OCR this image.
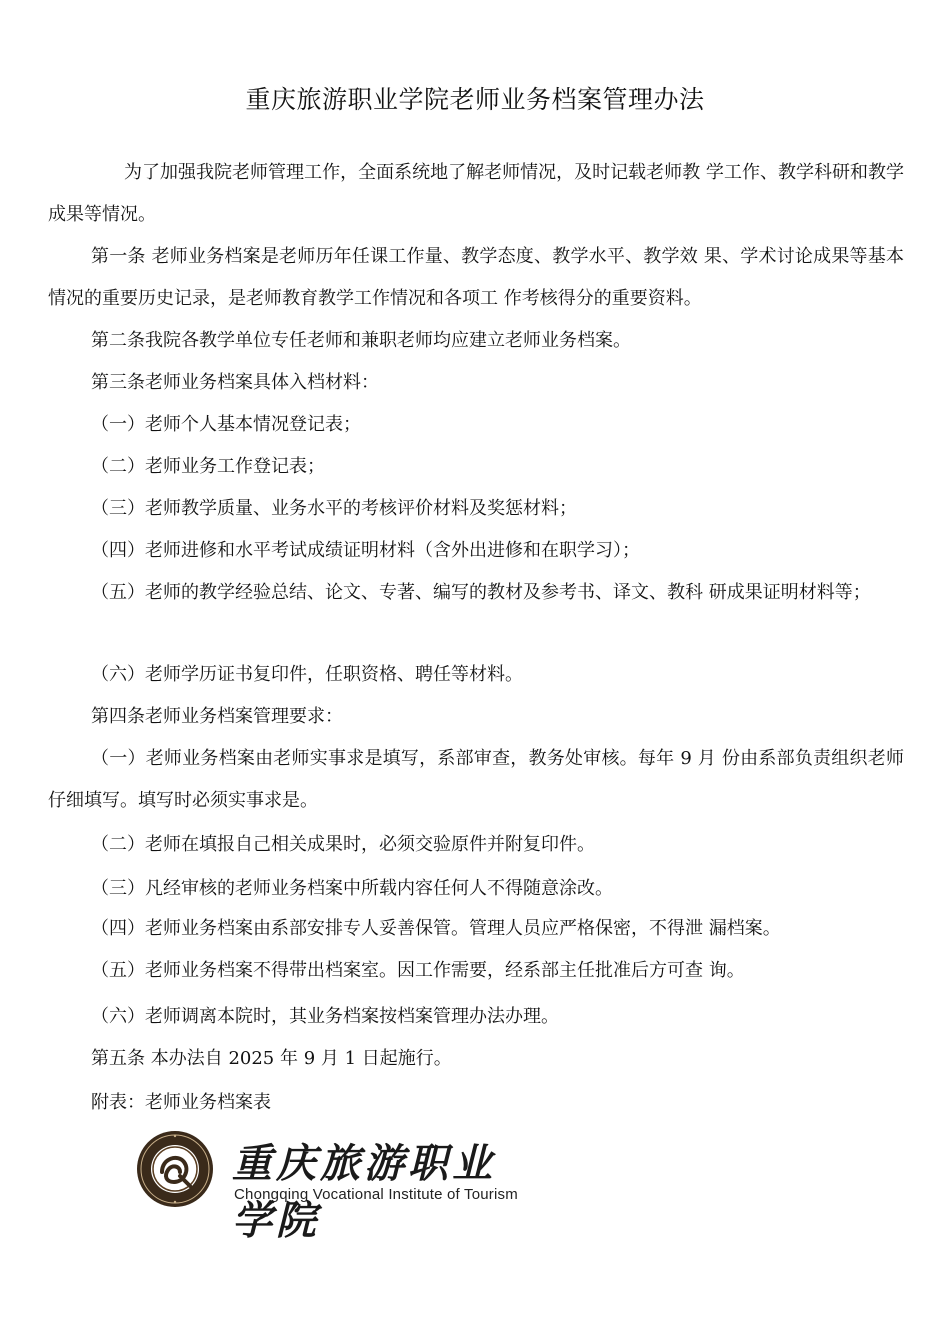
重庆旅游职业学院老师业务档案管理办法

为了加强我院老师管理工作，全面系统地了解老师情况，及时记载老师教 学工作、教学科研和教学成果等情况。

第一条 老师业务档案是老师历年任课工作量、教学态度、教学水平、教学效 果、学术讨论成果等基本情况的重要历史记录，是老师教育教学工作情况和各项工 作考核得分的重要资料。

第二条我院各教学单位专任老师和兼职老师均应建立老师业务档案。

第三条老师业务档案具体入档材料：

（一）老师个人基本情况登记表；

（二）老师业务工作登记表；

（三）老师教学质量、业务水平的考核评价材料及奖惩材料；

（四）老师进修和水平考试成绩证明材料（含外出进修和在职学习）；

（五）老师的教学经验总结、论文、专著、编写的教材及参考书、译文、教科 研成果证明材料等；

（六）老师学历证书复印件，任职资格、聘任等材料。

第四条老师业务档案管理要求：

（一）老师业务档案由老师实事求是填写，系部审查，教务处审核。每年 9 月 份由系部负责组织老师仔细填写。填写时必须实事求是。

（二）老师在填报自己相关成果时，必须交验原件并附复印件。

（三）凡经审核的老师业务档案中所载内容任何人不得随意涂改。

（四）老师业务档案由系部安排专人妥善保管。管理人员应严格保密，不得泄 漏档案。

（五）老师业务档案不得带出档案室。因工作需要，经系部主任批准后方可查 询。

（六）老师调离本院时，其业务档案按档案管理办法办理。

第五条 本办法自 2025 年 9 月 1 日起施行。

附表：老师业务档案表

重庆旅游职业学院
Chongqing Vocational Institute of Tourism
